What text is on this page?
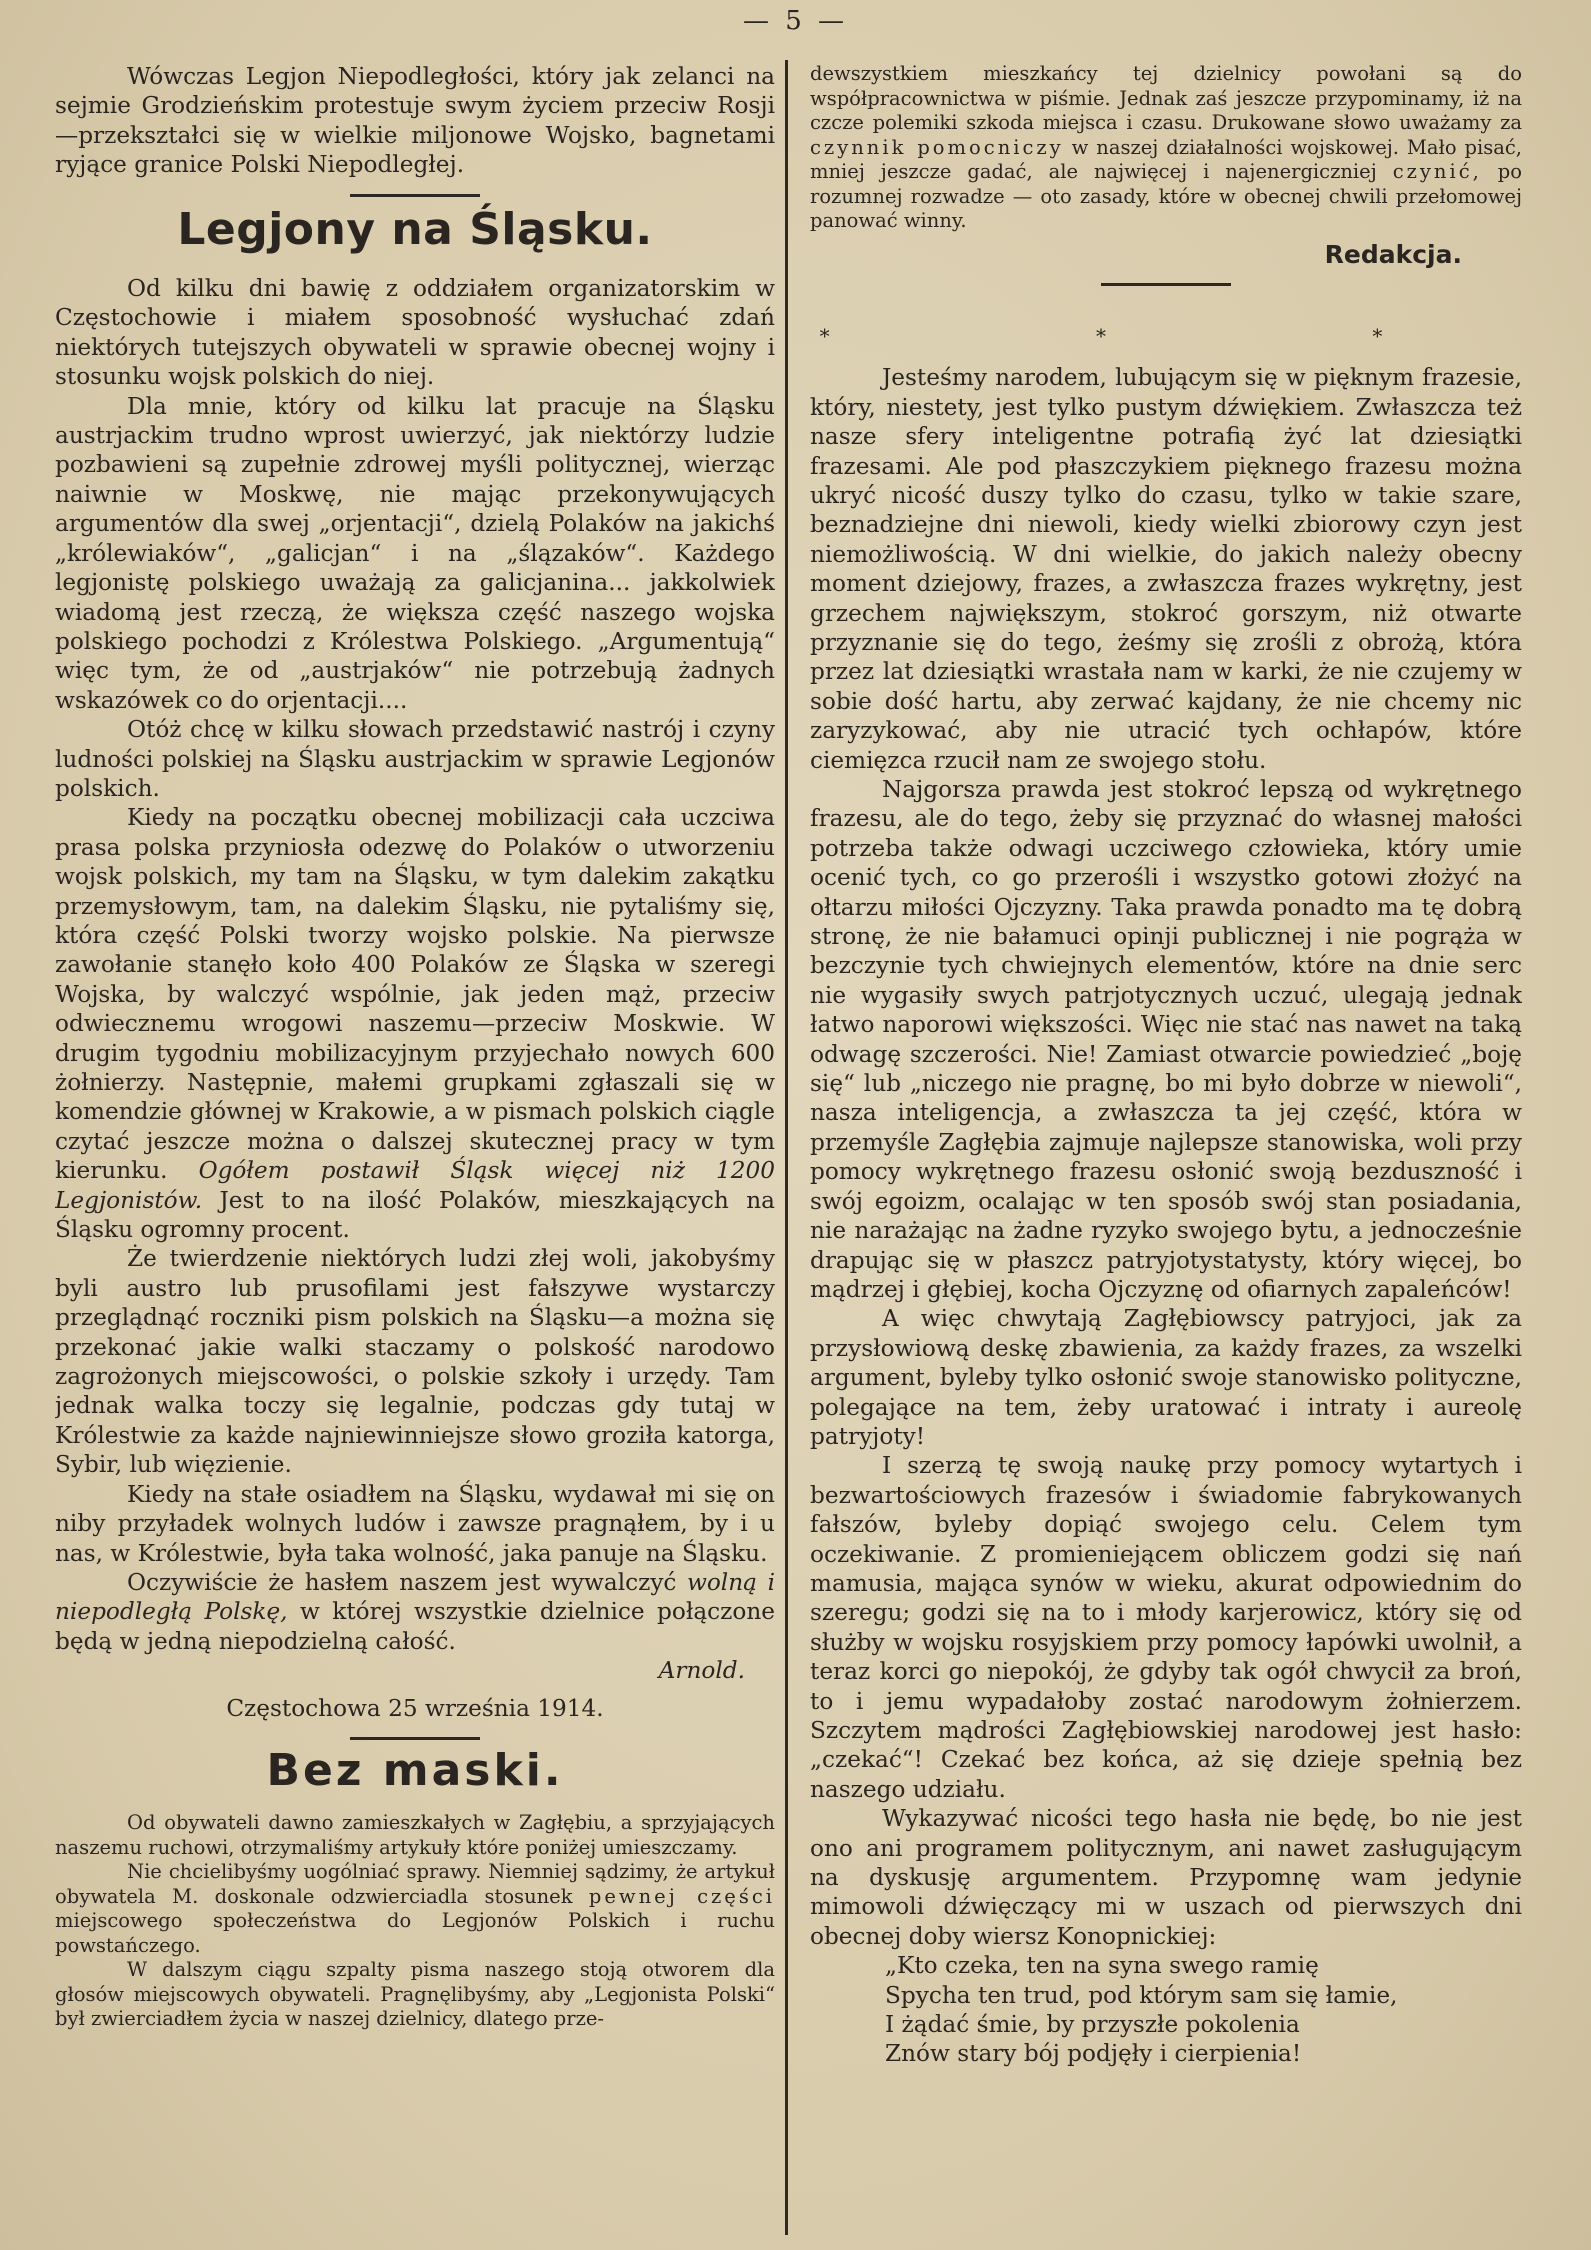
— 5 —

Wówczas Legjon Niepodległości, który jak zelanci na sejmie Grodzieńskim protestuje swym życiem przeciw Rosji—przekształci się w wielkie miljonowe Wojsko, bagnetami ryjące granice Polski Niepodległej.

Legjony na Śląsku.

Od kilku dni bawię z oddziałem organizatorskim w Częstochowie i miałem sposobność wysłuchać zdań niektórych tutejszych obywateli w sprawie obecnej wojny i stosunku wojsk polskich do niej.

Dla mnie, który od kilku lat pracuje na Śląsku austrjackim trudno wprost uwierzyć, jak niektórzy ludzie pozbawieni są zupełnie zdrowej myśli politycznej, wierząc naiwnie w Moskwę, nie mając przekonywujących argumentów dla swej „orjentacji“, dzielą Polaków na jakichś „królewiaków“, „galicjan“ i na „ślązaków“. Każdego legjonistę polskiego uważają za galicjanina... jakkolwiek wiadomą jest rzeczą, że większa część naszego wojska polskiego pochodzi z Królestwa Polskiego. „Argumentują“ więc tym, że od „austrjaków“ nie potrzebują żadnych wskazówek co do orjentacji....

Otóż chcę w kilku słowach przedstawić nastrój i czyny ludności polskiej na Śląsku austrjackim w sprawie Legjonów polskich.

Kiedy na początku obecnej mobilizacji cała uczciwa prasa polska przyniosła odezwę do Polaków o utworzeniu wojsk polskich, my tam na Śląsku, w tym dalekim zakątku przemysłowym, tam, na dalekim Śląsku, nie pytaliśmy się, która część Polski tworzy wojsko polskie. Na pierwsze zawołanie stanęło koło 400 Polaków ze Śląska w szeregi Wojska, by walczyć wspólnie, jak jeden mąż, przeciw odwiecznemu wrogowi naszemu—przeciw Moskwie. W drugim tygodniu mobilizacyjnym przyjechało nowych 600 żołnierzy. Następnie, małemi grupkami zgłaszali się w komendzie głównej w Krakowie, a w pismach polskich ciągle czytać jeszcze można o dalszej skutecznej pracy w tym kierunku. Ogółem postawił Śląsk więcej niż 1200 Legjonistów. Jest to na ilość Polaków, mieszkających na Śląsku ogromny procent.

Że twierdzenie niektórych ludzi złej woli, jakobyśmy byli austro lub prusofilami jest fałszywe wystarczy przeglądnąć roczniki pism polskich na Śląsku—a można się przekonać jakie walki staczamy o polskość narodowo zagrożonych miejscowości, o polskie szkoły i urzędy. Tam jednak walka toczy się legalnie, podczas gdy tutaj w Królestwie za każde najniewinniejsze słowo groziła katorga, Sybir, lub więzienie.

Kiedy na stałe osiadłem na Śląsku, wydawał mi się on niby przyładek wolnych ludów i zawsze pragnąłem, by i u nas, w Królestwie, była taka wolność, jaka panuje na Śląsku.

Oczywiście że hasłem naszem jest wywalczyć wolną i niepodległą Polskę, w której wszystkie dzielnice połączone będą w jedną niepodzielną całość.

Arnold.

Częstochowa 25 września 1914.

Bez maski.

Od obywateli dawno zamieszkałych w Zagłębiu, a sprzyjających naszemu ruchowi, otrzymaliśmy artykuły które poniżej umieszczamy.

Nie chcielibyśmy uogólniać sprawy. Niemniej sądzimy, że artykuł obywatela M. doskonale odzwierciadla stosunek pewnej części miejscowego społeczeństwa do Legjonów Polskich i ruchu powstańczego.

W dalszym ciągu szpalty pisma naszego stoją otworem dla głosów miejscowych obywateli. Pragnęlibyśmy, aby „Legjonista Polski“ był zwierciadłem życia w naszej dzielnicy, dlatego prze-

dewszystkiem mieszkańcy tej dzielnicy powołani są do współpracownictwa w piśmie. Jednak zaś jeszcze przypominamy, iż na czcze polemiki szkoda miejsca i czasu. Drukowane słowo uważamy za czynnik pomocniczy w naszej działalności wojskowej. Mało pisać, mniej jeszcze gadać, ale najwięcej i najenergiczniej czynić, po rozumnej rozwadze — oto zasady, które w obecnej chwili przełomowej panować winny.

Redakcja.

* * *

Jesteśmy narodem, lubującym się w pięknym frazesie, który, niestety, jest tylko pustym dźwiękiem. Zwłaszcza też nasze sfery inteligentne potrafią żyć lat dziesiątki frazesami. Ale pod płaszczykiem pięknego frazesu można ukryć nicość duszy tylko do czasu, tylko w takie szare, beznadziejne dni niewoli, kiedy wielki zbiorowy czyn jest niemożliwością. W dni wielkie, do jakich należy obecny moment dziejowy, frazes, a zwłaszcza frazes wykrętny, jest grzechem największym, stokroć gorszym, niż otwarte przyznanie się do tego, żeśmy się zrośli z obrożą, która przez lat dziesiątki wrastała nam w karki, że nie czujemy w sobie dość hartu, aby zerwać kajdany, że nie chcemy nic zaryzykować, aby nie utracić tych ochłapów, które ciemięzca rzucił nam ze swojego stołu.

Najgorsza prawda jest stokroć lepszą od wykrętnego frazesu, ale do tego, żeby się przyznać do własnej małości potrzeba także odwagi uczciwego człowieka, który umie ocenić tych, co go przerośli i wszystko gotowi złożyć na ołtarzu miłości Ojczyzny. Taka prawda ponadto ma tę dobrą stronę, że nie bałamuci opinji publicznej i nie pogrąża w bezczynie tych chwiejnych elementów, które na dnie serc nie wygasiły swych patrjotycznych uczuć, ulegają jednak łatwo naporowi większości. Więc nie stać nas nawet na taką odwagę szczerości. Nie! Zamiast otwarcie powiedzieć „boję się“ lub „niczego nie pragnę, bo mi było dobrze w niewoli“, nasza inteligencja, a zwłaszcza ta jej część, która w przemyśle Zagłębia zajmuje najlepsze stanowiska, woli przy pomocy wykrętnego frazesu osłonić swoją bezduszność i swój egoizm, ocalając w ten sposób swój stan posiadania, nie narażając na żadne ryzyko swojego bytu, a jednocześnie drapując się w płaszcz patryjotystatysty, który więcej, bo mądrzej i głębiej, kocha Ojczyznę od ofiarnych zapaleńców!

A więc chwytają Zagłębiowscy patryjoci, jak za przysłowiową deskę zbawienia, za każdy frazes, za wszelki argument, byleby tylko osłonić swoje stanowisko polityczne, polegające na tem, żeby uratować i intraty i aureolę patryjoty!

I szerzą tę swoją naukę przy pomocy wytartych i bezwartościowych frazesów i świadomie fabrykowanych fałszów, byleby dopiąć swojego celu. Celem tym oczekiwanie. Z promieniejącem obliczem godzi się nań mamusia, mająca synów w wieku, akurat odpowiednim do szeregu; godzi się na to i młody karjerowicz, który się od służby w wojsku rosyjskiem przy pomocy łapówki uwolnił, a teraz korci go niepokój, że gdyby tak ogół chwycił za broń, to i jemu wypadałoby zostać narodowym żołnierzem. Szczytem mądrości Zagłębiowskiej narodowej jest hasło: „czekać“! Czekać bez końca, aż się dzieje spełnią bez naszego udziału.

Wykazywać nicości tego hasła nie będę, bo nie jest ono ani programem politycznym, ani nawet zasługującym na dyskusję argumentem. Przypomnę wam jedynie mimowoli dźwięczący mi w uszach od pierwszych dni obecnej doby wiersz Konopnickiej:

„Kto czeka, ten na syna swego ramię
Spycha ten trud, pod którym sam się łamie,
I żądać śmie, by przyszłe pokolenia
Znów stary bój podjęły i cierpienia!
